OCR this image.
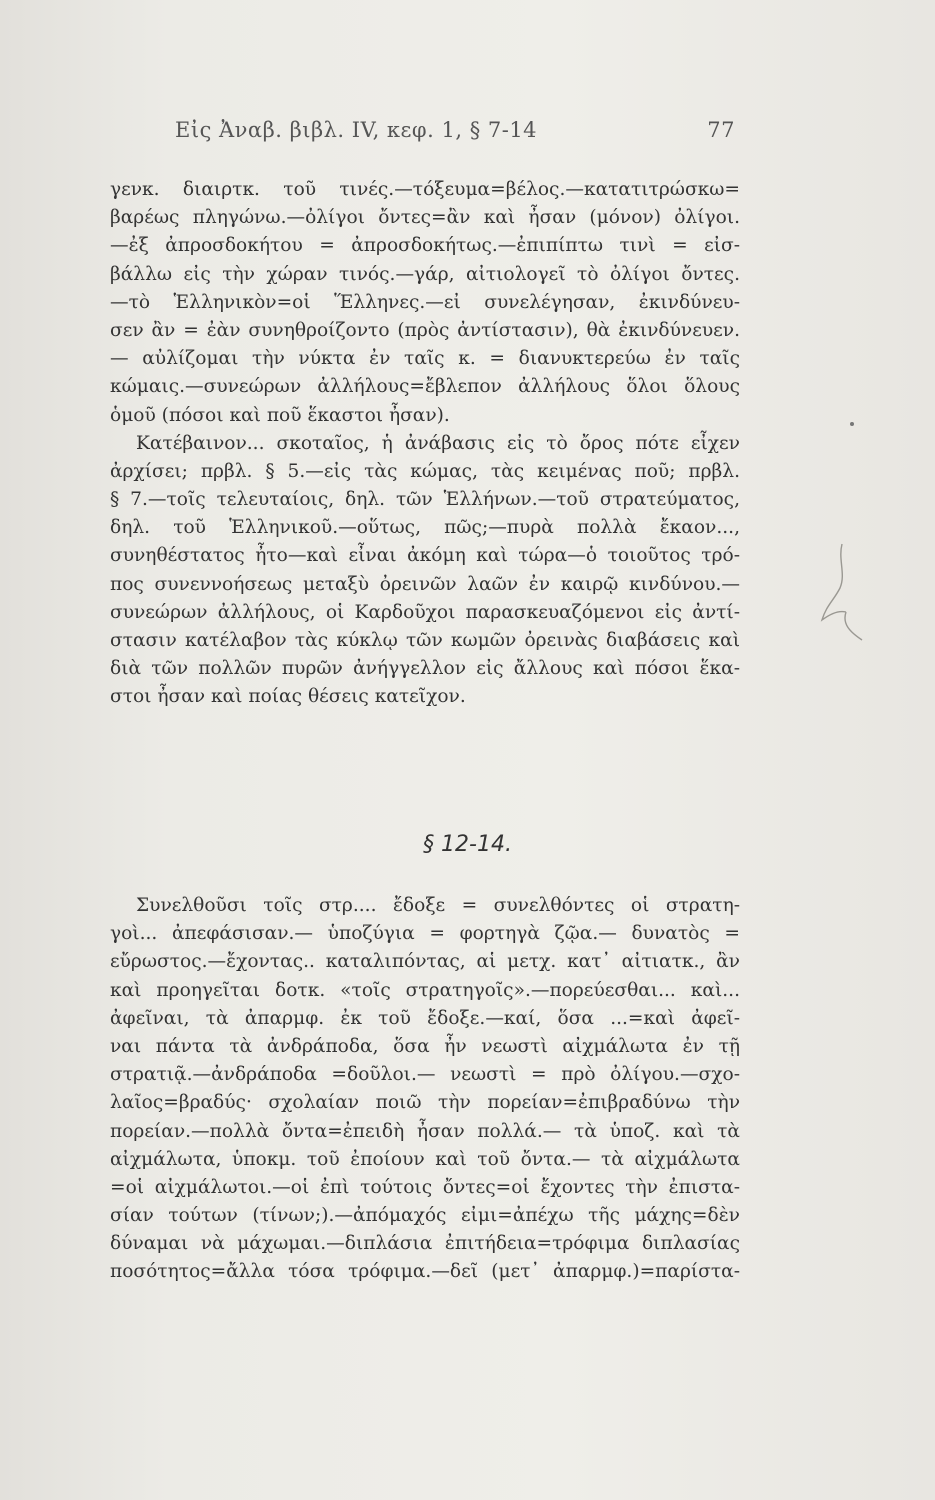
Εἰς Ἀναβ. βιβλ. IV, κεφ. 1, § 7-14	77
γενκ. διαιρτκ. τοῦ τινές.—τόξευμα=βέλος.—κατατιτρώσκω=
βαρέως πληγώνω.—ὀλίγοι ὄντες=ἂν καὶ ἦσαν (μόνον) ὀλίγοι.
—ἐξ ἀπροσδοκήτου = ἀπροσδοκήτως.—ἐπιπίπτω τινὶ = εἰσ-
βάλλω εἰς τὴν χώραν τινός.—γάρ, αἰτιολογεῖ τὸ ὀλίγοι ὄντες.
—τὸ Ἑλληνικὸν=οἱ Ἕλληνες.—εἰ συνελέγησαν, ἐκινδύνευ-
σεν ἂν = ἐὰν συνηθροίζοντο (πρὸς ἀντίστασιν), θὰ ἐκινδύνευεν.
— αὐλίζομαι τὴν νύκτα ἐν ταῖς κ. = διανυκτερεύω ἐν ταῖς
κώμαις.—συνεώρων ἀλλήλους=ἔβλεπον ἀλλήλους ὅλοι ὅλους
ὁμοῦ (πόσοι καὶ ποῦ ἕκαστοι ἦσαν).
Κατέβαινον... σκοταῖος, ἡ ἀνάβασις εἰς τὸ ὄρος πότε εἶχεν
ἀρχίσει; πρβλ. § 5.—εἰς τὰς κώμας, τὰς κειμένας ποῦ; πρβλ.
§ 7.—τοῖς τελευταίοις, δηλ. τῶν Ἑλλήνων.—τοῦ στρατεύματος,
δηλ. τοῦ Ἑλληνικοῦ.—οὕτως, πῶς;—πυρὰ πολλὰ ἔκαον...,
συνηθέστατος ἦτο—καὶ εἶναι ἀκόμη καὶ τώρα—ὁ τοιοῦτος τρό-
πος συνεννοήσεως μεταξὺ ὀρεινῶν λαῶν ἐν καιρῷ κινδύνου.—
συνεώρων ἀλλήλους, οἱ Καρδοῦχοι παρασκευαζόμενοι εἰς ἀντί-
στασιν κατέλαβον τὰς κύκλῳ τῶν κωμῶν ὀρεινὰς διαβάσεις καὶ
διὰ τῶν πολλῶν πυρῶν ἀνήγγελλον εἰς ἄλλους καὶ πόσοι ἕκα-
στοι ἦσαν καὶ ποίας θέσεις κατεῖχον.
§ 12-14.
Συνελθοῦσι τοῖς στρ.... ἔδοξε = συνελθόντες οἱ στρατη-
γοὶ... ἀπεφάσισαν.— ὑποζύγια = φορτηγὰ ζῷα.— δυνατὸς =
εὔρωστος.—ἔχοντας.. καταλιπόντας, αἱ μετχ. κατ᾽ αἰτιατκ., ἂν
καὶ προηγεῖται δοτκ. «τοῖς στρατηγοῖς».—πορεύεσθαι... καὶ...
ἀφεῖναι, τὰ ἀπαρμφ. ἐκ τοῦ ἔδοξε.—καί, ὅσα ...=καὶ ἀφεῖ-
ναι πάντα τὰ ἀνδράποδα, ὅσα ἦν νεωστὶ αἰχμάλωτα ἐν τῇ
στρατιᾷ.—ἀνδράποδα =δοῦλοι.— νεωστὶ = πρὸ ὀλίγου.—σχο-
λαῖος=βραδύς· σχολαίαν ποιῶ τὴν πορείαν=ἐπιβραδύνω τὴν
πορείαν.—πολλὰ ὄντα=ἐπειδὴ ἦσαν πολλά.— τὰ ὑποζ. καὶ τὰ
αἰχμάλωτα, ὑποκμ. τοῦ ἐποίουν καὶ τοῦ ὄντα.— τὰ αἰχμάλωτα
=οἱ αἰχμάλωτοι.—οἱ ἐπὶ τούτοις ὄντες=οἱ ἔχοντες τὴν ἐπιστα-
σίαν τούτων (τίνων;).—ἀπόμαχός εἰμι=ἀπέχω τῆς μάχης=δὲν
δύναμαι νὰ μάχωμαι.—διπλάσια ἐπιτήδεια=τρόφιμα διπλασίας
ποσότητος=ἄλλα τόσα τρόφιμα.—δεῖ (μετ᾽ ἀπαρμφ.)=παρίστα-
